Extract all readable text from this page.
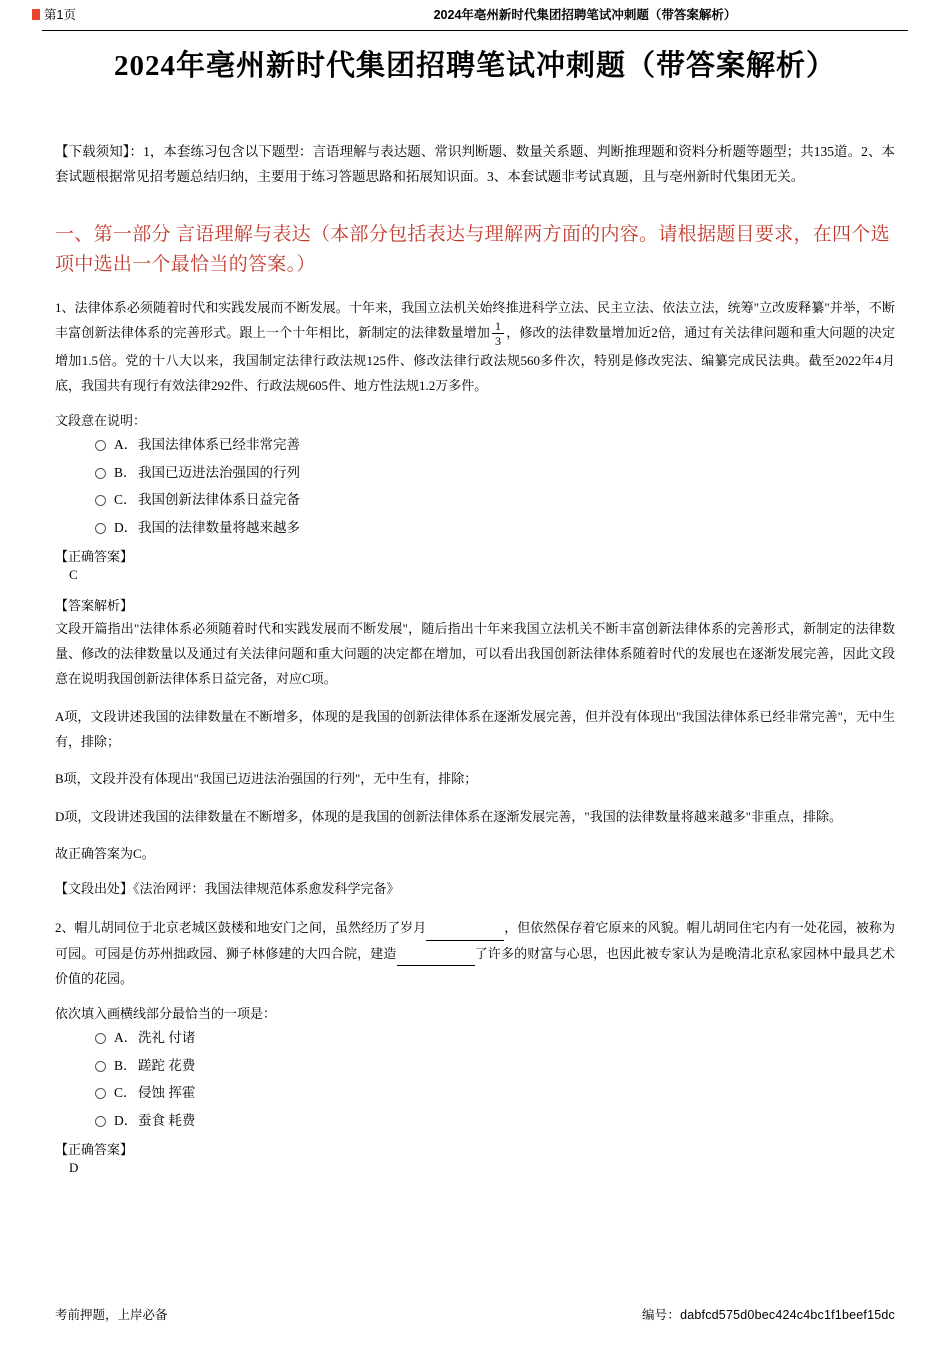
第1页	2024年亳州新时代集团招聘笔试冲刺题（带答案解析）
2024年亳州新时代集团招聘笔试冲刺题（带答案解析）

【下载须知】：1，本套练习包含以下题型：言语理解与表达题、常识判断题、数量关系题、判断推理题和资料分析题等题型；共135道。2、本套试题根据常见招考题总结归纳，主要用于练习答题思路和拓展知识面。3、本套试题非考试真题，且与亳州新时代集团无关。

一、第一部分 言语理解与表达（本部分包括表达与理解两方面的内容。请根据题目要求，在四个选项中选出一个最恰当的答案。）

1、法律体系必须随着时代和实践发展而不断发展。十年来，我国立法机关始终推进科学立法、民主立法、依法立法，统筹"立改废释纂"并举，不断丰富创新法律体系的完善形式。跟上一个十年相比，新制定的法律数量增加 $\frac{1}{3}$ ，修改的法律数量增加近2倍，通过有关法律问题和重大问题的决定增加1.5倍。党的十八大以来，我国制定法律行政法规125件、修改法律行政法规560多件次，特别是修改宪法、编纂完成民法典。截至2022年4月底，我国共有现行有效法律292件、行政法规605件、地方性法规1.2万多件。

文段意在说明：

A． 我国法律体系已经非常完善
B． 我国已迈进法治强国的行列
C． 我国创新法律体系日益完备
D． 我国的法律数量将越来越多
【正确答案】
C
【答案解析】

文段开篇指出"法律体系必须随着时代和实践发展而不断发展"，随后指出十年来我国立法机关不断丰富创新法律体系的完善形式，新制定的法律数量、修改的法律数量以及通过有关法律问题和重大问题的决定都在增加，可以看出我国创新法律体系随着时代的发展也在逐渐发展完善，因此文段意在说明我国创新法律体系日益完备，对应C项。

A项，文段讲述我国的法律数量在不断增多，体现的是我国的创新法律体系在逐渐发展完善，但并没有体现出"我国法律体系已经非常完善"，无中生有，排除；

B项，文段并没有体现出"我国已迈进法治强国的行列"，无中生有，排除；

D项，文段讲述我国的法律数量在不断增多，体现的是我国的创新法律体系在逐渐发展完善，"我国的法律数量将越来越多"非重点，排除。

故正确答案为C。

【文段出处】《法治网评：我国法律规范体系愈发科学完备》

2、帽儿胡同位于北京老城区鼓楼和地安门之间，虽然经历了岁月	，但依然保存着它原来的风貌。帽儿胡同住宅内有一处花园，被称为可园。可园是仿苏州拙政园、狮子林修建的大四合院，建造	了许多的财富与心思，也因此被专家认为是晚清北京私家园林中最具艺术价值的花园。

依次填入画横线部分最恰当的一项是：

A． 洗礼 付诸
B． 蹉跎 花费
C． 侵蚀 挥霍
D． 蚕食 耗费
【正确答案】
D
考前押题，上岸必备	编号：dabfcd575d0bec424c4bc1f1beef15dc
